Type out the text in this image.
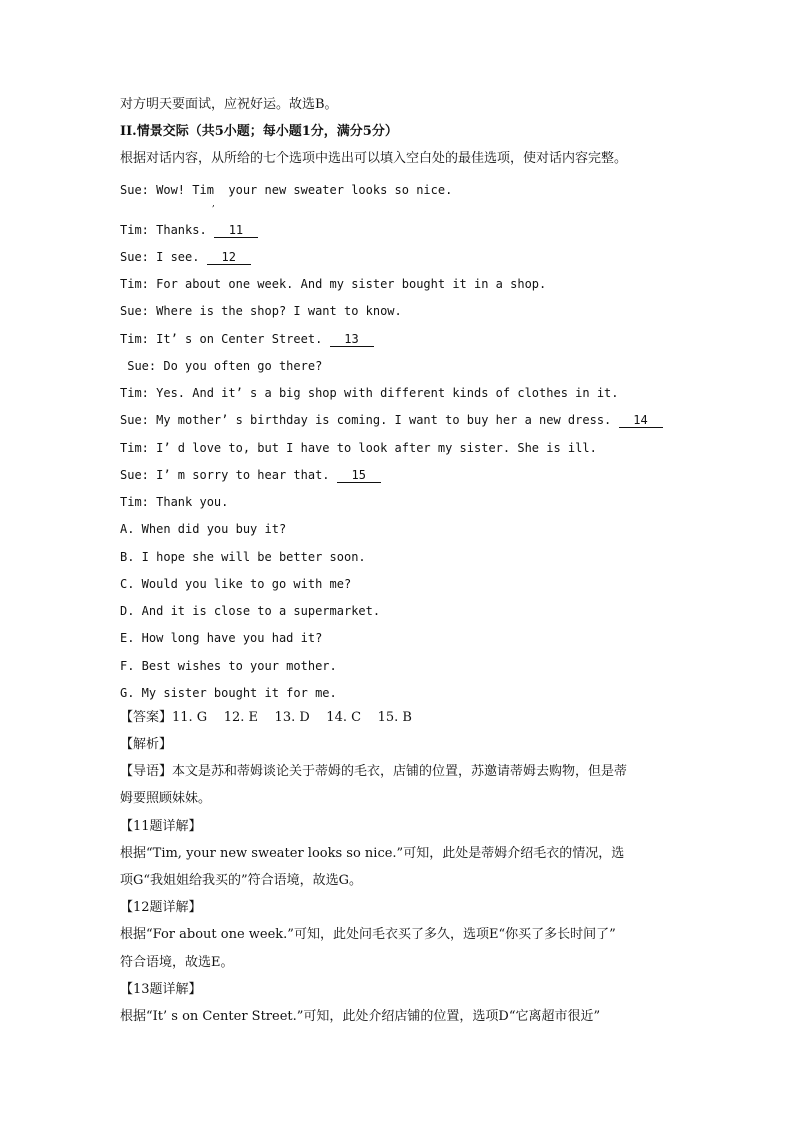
对方明天要面试，应祝好运。故选B。
II.情景交际（共5小题；每小题1分，满分5分）
根据对话内容，从所给的七个选项中选出可以填入空白处的最佳选项，使对话内容完整。
Sue: Wow! Tim  your new sweater looks so nice.
,
Tim: Thanks. 11
Sue: I see. 12
Tim: For about one week. And my sister bought it in a shop.
Sue: Where is the shop? I want to know.
Tim: It’ s on Center Street. 13
Sue: Do you often go there?
Tim: Yes. And it’ s a big shop with different kinds of clothes in it.
Sue: My mother’ s birthday is coming. I want to buy her a new dress. 14
Tim: I’ d love to, but I have to look after my sister. She is ill.
Sue: I’ m sorry to hear that. 15
Tim: Thank you.
A. When did you buy it?
B. I hope she will be better soon.
C. Would you like to go with me?
D. And it is close to a supermarket.
E. How long have you had it?
F. Best wishes to your mother.
G. My sister bought it for me.
【答案】11. G    12. E    13. D    14. C    15. B
【解析】
【导语】本文是苏和蒂姆谈论关于蒂姆的毛衣，店铺的位置，苏邀请蒂姆去购物，但是蒂
姆要照顾妹妹。
【11题详解】
根据“Tim, your new sweater looks so nice.”可知，此处是蒂姆介绍毛衣的情况，选
项G“我姐姐给我买的”符合语境，故选G。
【12题详解】
根据“For about one week.”可知，此处问毛衣买了多久，选项E“你买了多长时间了”
符合语境，故选E。
【13题详解】
根据“It’ s on Center Street.”可知，此处介绍店铺的位置，选项D“它离超市很近”
